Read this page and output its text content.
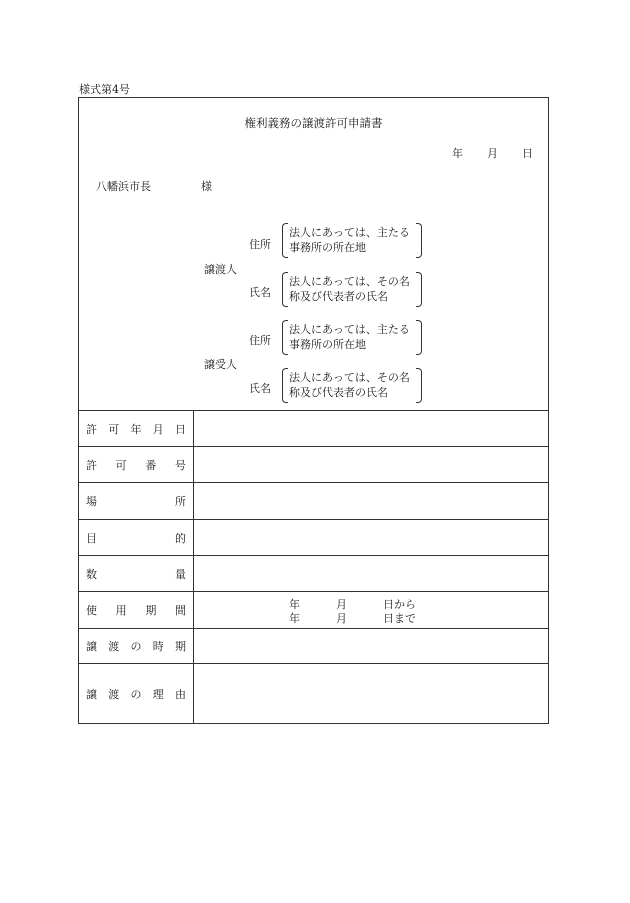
様式第4号
権利義務の譲渡許可申請書
年 月 日
八幡浜市長	様
譲渡人
住所
法人にあっては、主たる
事務所の所在地
氏名
法人にあっては、その名
称及び代表者の氏名
譲受人
住所
法人にあっては、主たる
事務所の所在地
氏名
法人にあっては、その名
称及び代表者の氏名
許 可 年 月 日
許 可 番 号
場	所
目	的
数	量
使 用 期 間	年	月	日から
年	月	日まで
譲 渡 の 時 期
譲 渡 の 理 由
